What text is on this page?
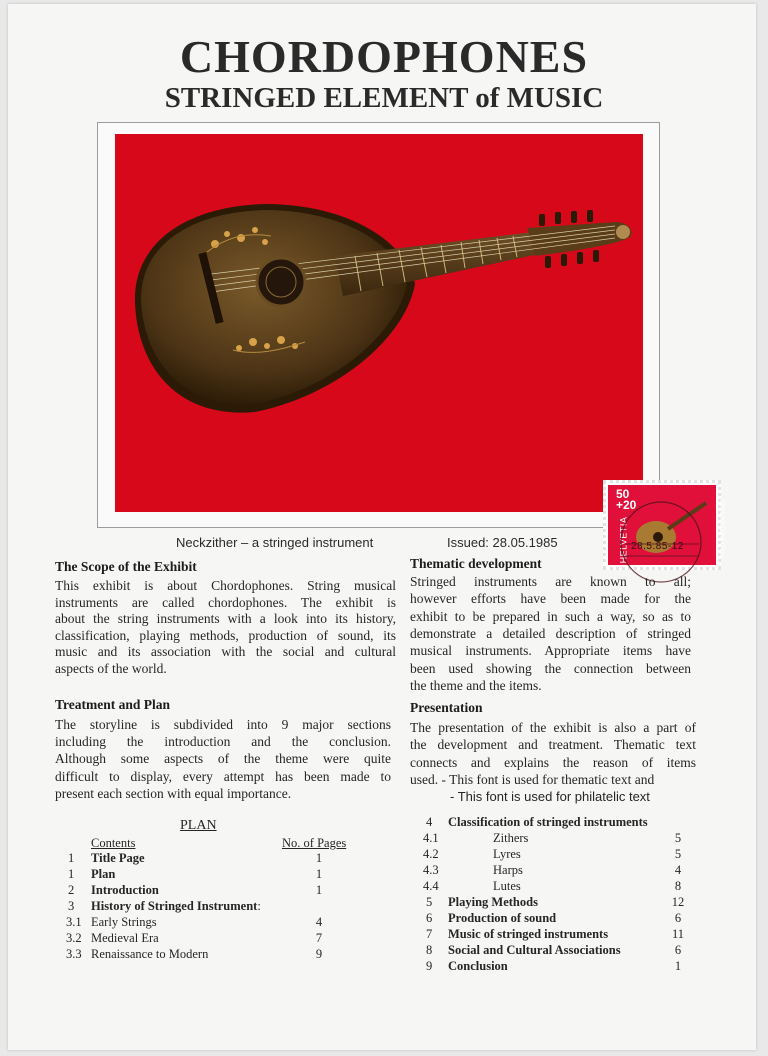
CHORDOPHONES
STRINGED ELEMENT of MUSIC
50
+20
HELVETIA	PRO PATRIA 1985
28.5.85-12
Neckzither – a stringed instrument	Issued: 28.05.1985
The Scope of the Exhibit
This exhibit is about Chordophones. String musical
instruments are called chordophones. The exhibit is
about the string instruments with a look into its history,
classification, playing methods, production of sound, its
music and its association with the social and cultural
aspects of the world.
Treatment and Plan
The storyline is subdivided into 9 major sections
including the introduction and the conclusion.
Although some aspects of the theme were quite
difficult to display, every attempt has been made to
present each section with equal importance.
Thematic development
Stringed instruments are known to all;
however efforts have been made for the
exhibit to be prepared in such a way, so as to
demonstrate a detailed description of stringed
musical instruments. Appropriate items have
been used showing the connection between
the theme and the items.
Presentation
The presentation of the exhibit is also a part of
the development and treatment. Thematic text
connects and explains the reason of items
used. - This font is used for thematic text and
- This font is used for philatelic text
PLAN
Contents	No. of Pages
1 Title Page	1
1 Plan	1
2 Introduction	1
3 History of Stringed Instrument:
3.1 Early Strings	4
3.2 Medieval Era	7
3.3 Renaissance to Modern	9
4 Classification of stringed instruments
4.1	Zithers	5
4.2	Lyres	5
4.3	Harps	4
4.4	Lutes	8
5 Playing Methods	12
6 Production of sound	6
7 Music of stringed instruments	11
8 Social and Cultural Associations	6
9 Conclusion	1
